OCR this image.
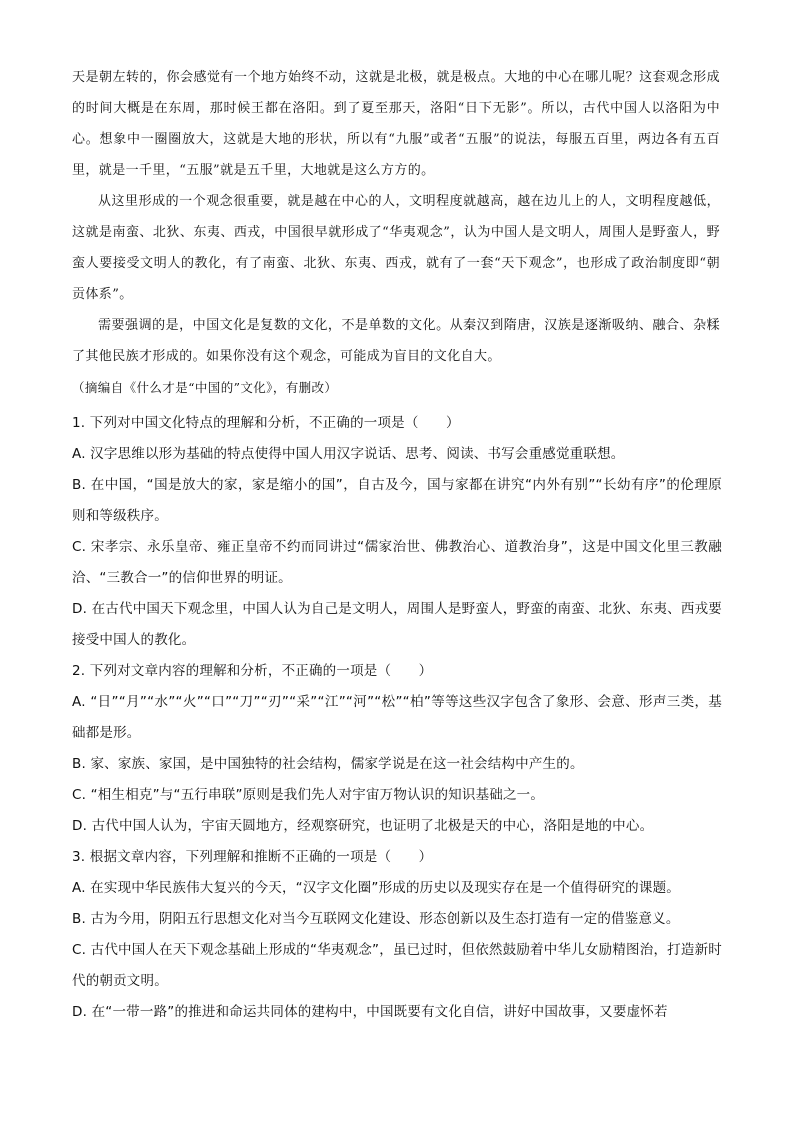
天是朝左转的，你会感觉有一个地方始终不动，这就是北极，就是极点。大地的中心在哪儿呢？这套观念形成的时间大概是在东周，那时候王都在洛阳。到了夏至那天，洛阳“日下无影”。所以，古代中国人以洛阳为中心。想象中一圈圈放大，这就是大地的形状，所以有“九服”或者“五服”的说法，每服五百里，两边各有五百里，就是一千里，“五服”就是五千里，大地就是这么方方的。

从这里形成的一个观念很重要，就是越在中心的人，文明程度就越高，越在边儿上的人，文明程度越低，这就是南蛮、北狄、东夷、西戎，中国很早就形成了“华夷观念”，认为中国人是文明人，周围人是野蛮人，野蛮人要接受文明人的教化，有了南蛮、北狄、东夷、西戎，就有了一套“天下观念”，也形成了政治制度即“朝贡体系”。

需要强调的是，中国文化是复数的文化，不是单数的文化。从秦汉到隋唐，汉族是逐渐吸纳、融合、杂糅了其他民族才形成的。如果你没有这个观念，可能成为盲目的文化自大。

（摘编自《什么才是“中国的”文化》，有删改）

1. 下列对中国文化特点的理解和分析，不正确的一项是（　　）

A. 汉字思维以形为基础的特点使得中国人用汉字说话、思考、阅读、书写会重感觉重联想。

B. 在中国，“国是放大的家，家是缩小的国”，自古及今，国与家都在讲究“内外有别”“长幼有序”的伦理原则和等级秩序。

C. 宋孝宗、永乐皇帝、雍正皇帝不约而同讲过“儒家治世、佛教治心、道教治身”，这是中国文化里三教融洽、“三教合一”的信仰世界的明证。

D. 在古代中国天下观念里，中国人认为自己是文明人，周围人是野蛮人，野蛮的南蛮、北狄、东夷、西戎要接受中国人的教化。

2. 下列对文章内容的理解和分析，不正确的一项是（　　）

A. “日”“月”“水”“火”“口”“刀”“刃”“采”“江”“河”“松”“柏”等等这些汉字包含了象形、会意、形声三类，基础都是形。

B. 家、家族、家国，是中国独特的社会结构，儒家学说是在这一社会结构中产生的。

C. “相生相克”与“五行串联”原则是我们先人对宇宙万物认识的知识基础之一。

D. 古代中国人认为，宇宙天圆地方，经观察研究，也证明了北极是天的中心，洛阳是地的中心。

3. 根据文章内容，下列理解和推断不正确的一项是（　　）

A. 在实现中华民族伟大复兴的今天，“汉字文化圈”形成的历史以及现实存在是一个值得研究的课题。

B. 古为今用，阴阳五行思想文化对当今互联网文化建设、形态创新以及生态打造有一定的借鉴意义。

C. 古代中国人在天下观念基础上形成的“华夷观念”，虽已过时，但依然鼓励着中华儿女励精图治，打造新时代的朝贡文明。

D. 在“一带一路”的推进和命运共同体的建构中，中国既要有文化自信，讲好中国故事，又要虚怀若
